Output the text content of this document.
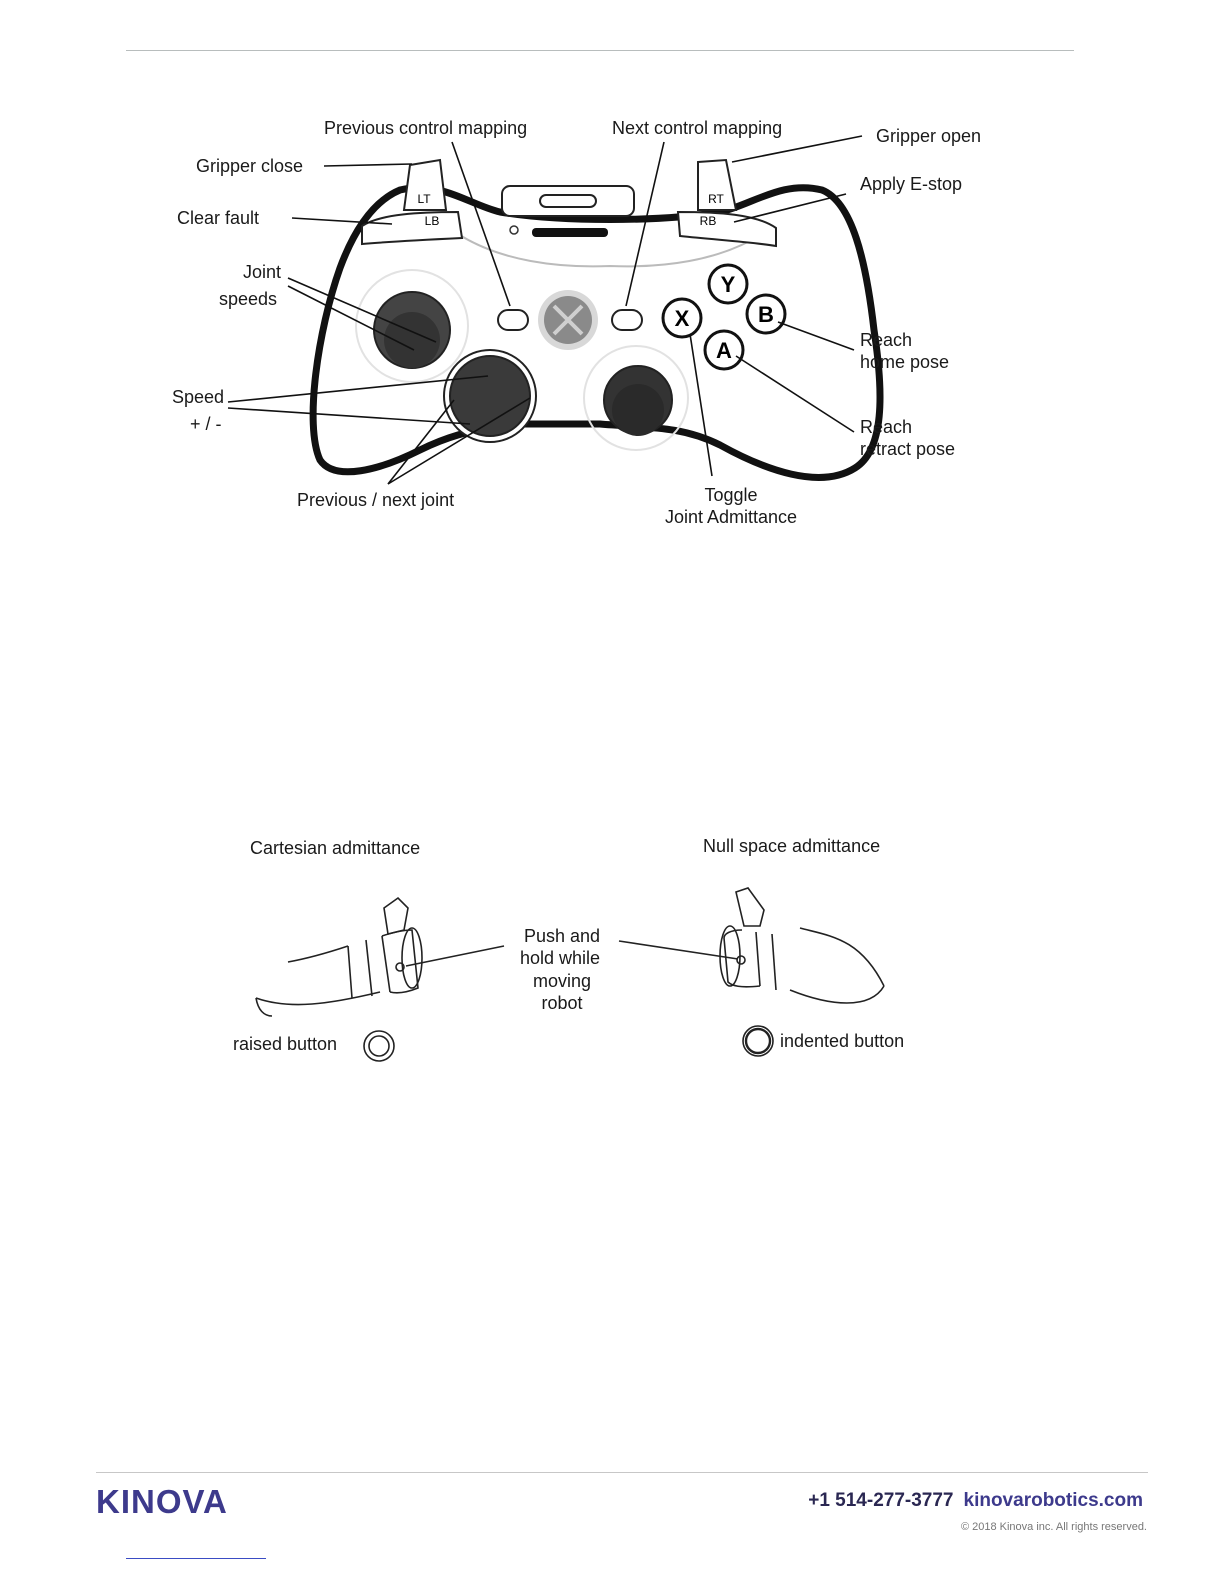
LT
LB
RT
RB
Y
B
X
A
Previous control mapping	Next control mapping
Gripper close
Gripper open
Clear fault
Apply E-stop
Joint
speeds
Speed
+ / -
Previous / next joint	Toggle
Joint Admittance
Reach
home pose
Reach
retract pose
Cartesian admittance	Null space admittance
Push and
hold while
moving
robot
raised button	indented button
KINOVA	+1 514-277-3777 kinovarobotics.com
© 2018 Kinova inc. All rights reserved.
